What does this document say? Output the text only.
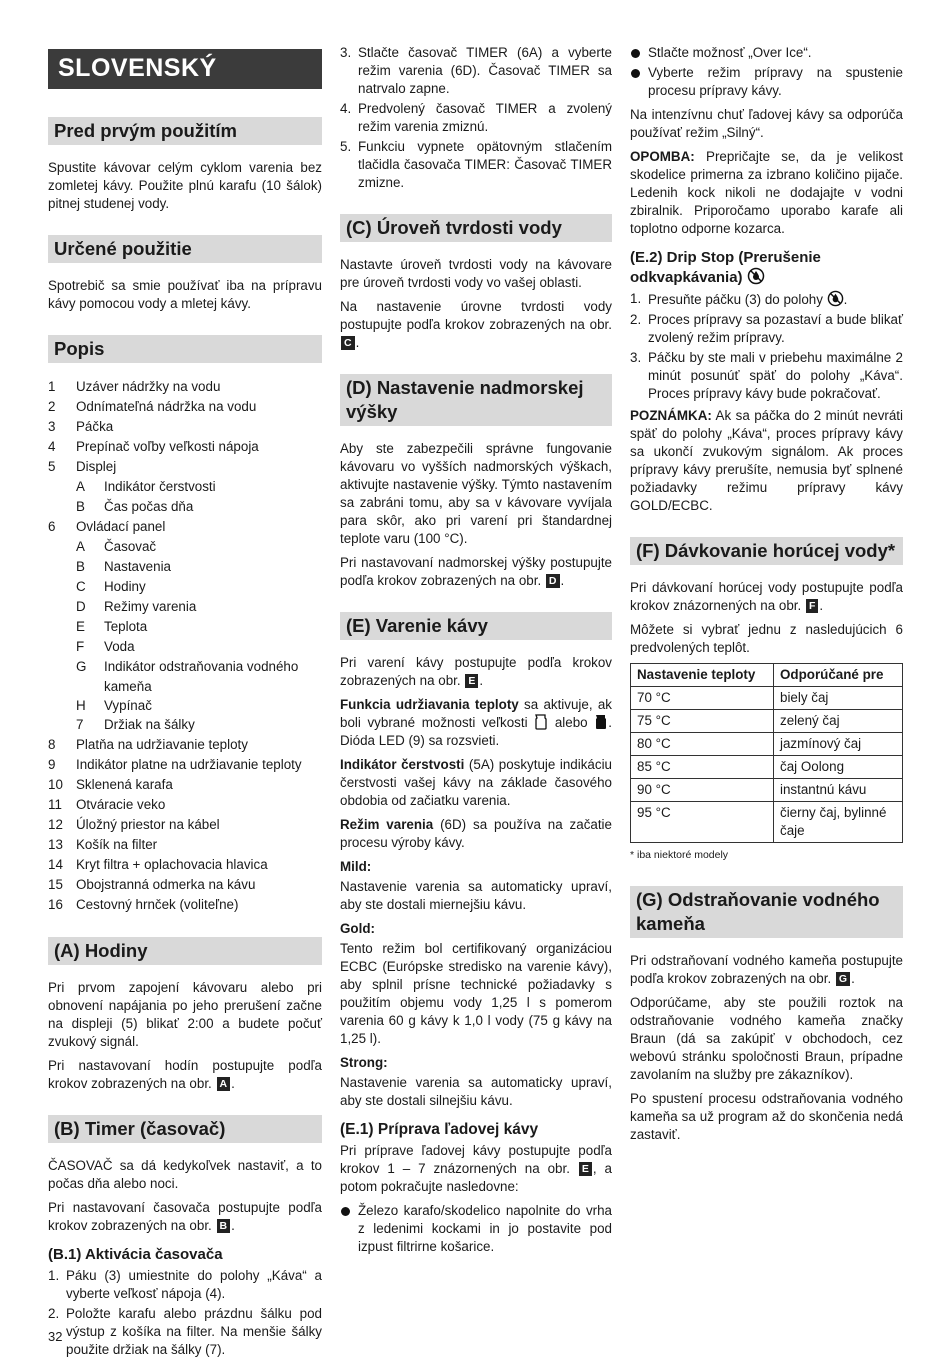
SLOVENSKÝ
Pred prvým použitím

Spustite kávovar celým cyklom varenia bez zomletej kávy. Použite plnú karafu (10 šálok) pitnej studenej vody.

Určené použitie

Spotrebič sa smie používať iba na prípravu kávy pomocou vody a mletej kávy.

Popis
1 Uzáver nádržky na vodu
2 Odnímateľná nádržka na vodu
3 Páčka
4 Prepínač voľby veľkosti nápoja
5 Displej
A Indikátor čerstvosti
B Čas počas dňa
6 Ovládací panel
A Časovač
B Nastavenia
C Hodiny
D Režimy varenia
E Teplota
F Voda
G Indikátor odstraňovania vodného kameňa
H Vypínač
7 Držiak na šálky
8 Platňa na udržiavanie teploty
9 Indikátor platne na udržiavanie teploty
10 Sklenená karafa
11 Otváracie veko
12 Úložný priestor na kábel
13 Košík na filter
14 Kryt filtra + oplachovacia hlavica
15 Obojstranná odmerka na kávu
16 Cestovný hrnček (voliteľne)
(A) Hodiny

Pri prvom zapojení kávovaru alebo pri obnovení napájania po jeho prerušení začne na displeji (5) blikať 2:00 a budete počuť zvukový signál.

Pri nastavovaní hodín postupujte podľa krokov zobrazených na obr. A .

(B) Timer (časovač)

ČASOVAČ sa dá kedykoľvek nastaviť, a to počas dňa alebo noci.

Pri nastavovaní časovača postupujte podľa krokov zobrazených na obr. B .

(B.1) Aktivácia časovača
1. Páku (3) umiestnite do polohy „Káva“ a vyberte veľkosť nápoja (4).
2. Položte karafu alebo prázdnu šálku pod výstup z košíka na filter. Na menšie šálky použite držiak na šálky (7).
3. Stlačte časovač TIMER (6A) a vyberte režim varenia (6D). Časovač TIMER sa natrvalo zapne.
4. Predvolený časovač TIMER a zvolený režim varenia zmiznú.
5. Funkciu vypnete opätovným stlačením tlačidla časovača TIMER: Časovač TIMER zmizne.
(C) Úroveň tvrdosti vody

Nastavte úroveň tvrdosti vody na kávovare pre úroveň tvrdosti vody vo vašej oblasti.

Na nastavenie úrovne tvrdosti vody postupujte podľa krokov zobrazených na obr. C .

(D) Nastavenie nadmorskej výšky

Aby ste zabezpečili správne fungovanie kávovaru vo vyšších nadmorských výškach, aktivujte nastavenie výšky. Týmto nastavením sa zabráni tomu, aby sa v kávovare vyvíjala para skôr, ako pri varení pri štandardnej teplote varu (100 °C).

Pri nastavovaní nadmorskej výšky postupujte podľa krokov zobrazených na obr. D .

(E) Varenie kávy

Pri varení kávy postupujte podľa krokov zobrazených na obr. E .

Funkcia udržiavania teploty sa aktivuje, ak boli vybrané možnosti veľkosti alebo . Dióda LED (9) sa rozsvieti.

Indikátor čerstvosti (5A) poskytuje indikáciu čerstvosti vašej kávy na základe časového obdobia od začiatku varenia.

Režim varenia (6D) sa používa na začatie procesu výroby kávy.

Mild:

Nastavenie varenia sa automaticky upraví, aby ste dostali miernejšiu kávu.

Gold:

Tento režim bol certifikovaný organizáciou ECBC (Európske stredisko na varenie kávy), aby splnil prísne technické požiadavky s použitím objemu vody 1,25 l s pomerom varenia 60 g kávy k 1,0 l vody (75 g kávy na 1,25 l).

Strong:

Nastavenie varenia sa automaticky upraví, aby ste dostali silnejšiu kávu.

(E.1) Príprava ľadovej kávy

Pri príprave ľadovej kávy postupujte podľa krokov 1 – 7 znázornených na obr. E , a potom pokračujte nasledovne:

Železo karafo/skodelico napolnite do vrha z ledenimi kockami in jo postavite pod izpust filtrirne košarice.
Stlačte možnosť „Over Ice“.
Vyberte režim prípravy na spustenie procesu prípravy kávy.

Na intenzívnu chuť ľadovej kávy sa odporúča používať režim „Silný“.

OPOMBA: Prepričajte se, da je velikost skodelice primerna za izbrano količino pijače. Ledenih kock nikoli ne dodajajte v vodni zbiralnik. Priporočamo uporabo karafe ali toplotno odporne kozarca.

(E.2) Drip Stop (Prerušenie odkvapkávania)
1. Presuňte páčku (3) do polohy .
2. Proces prípravy sa pozastaví a bude blikať zvolený režim prípravy.
3. Páčku by ste mali v priebehu maximálne 2 minút posunúť späť do polohy „Káva“. Proces prípravy kávy bude pokračovať.

POZNÁMKA: Ak sa páčka do 2 minút nevráti späť do polohy „Káva“, proces prípravy kávy sa ukončí zvukovým signálom. Ak proces prípravy kávy prerušíte, nemusia byť splnené požiadavky režimu prípravy kávy GOLD/ECBC.

(F) Dávkovanie horúcej vody*

Pri dávkovaní horúcej vody postupujte podľa krokov znázornených na obr. F .

Môžete si vybrať jednu z nasledujúcich 6 predvolených teplôt.

Nastavenie teploty	Odporúčané pre
70 °C	biely čaj
75 °C	zelený čaj
80 °C	jazmínový čaj
85 °C	čaj Oolong
90 °C	instantnú kávu
95 °C	čierny čaj, bylinné čaje

* iba niektoré modely

(G) Odstraňovanie vodného kameňa

Pri odstraňovaní vodného kameňa postupujte podľa krokov zobrazených na obr. G .

Odporúčame, aby ste použili roztok na odstraňovanie vodného kameňa značky Braun (dá sa zakúpiť v obchodoch, cez webovú stránku spoločnosti Braun, prípadne zavolaním na služby pre zákazníkov).

Po spustení procesu odstraňovania vodného kameňa sa už program až do skončenia nedá zastaviť.

32
